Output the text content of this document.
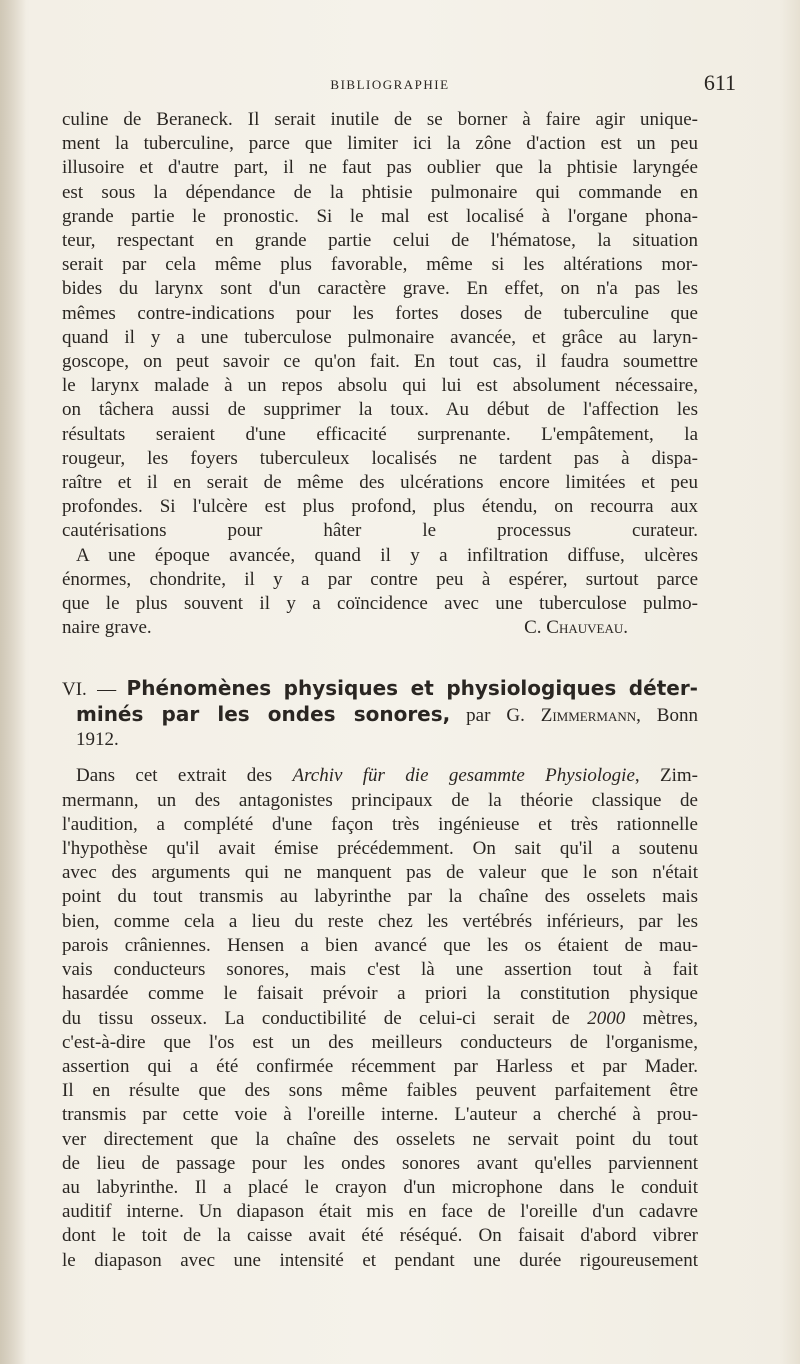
BIBLIOGRAPHIE	611
culine de Beraneck. Il serait inutile de se borner à faire agir unique-
ment la tuberculine, parce que limiter ici la zône d'action est un peu
illusoire et d'autre part, il ne faut pas oublier que la phtisie laryngée
est sous la dépendance de la phtisie pulmonaire qui commande en
grande partie le pronostic. Si le mal est localisé à l'organe phona-
teur, respectant en grande partie celui de l'hématose, la situation
serait par cela même plus favorable, même si les altérations mor-
bides du larynx sont d'un caractère grave. En effet, on n'a pas les
mêmes contre-indications pour les fortes doses de tuberculine que
quand il y a une tuberculose pulmonaire avancée, et grâce au laryn-
goscope, on peut savoir ce qu'on fait. En tout cas, il faudra soumettre
le larynx malade à un repos absolu qui lui est absolument nécessaire,
on tâchera aussi de supprimer la toux. Au début de l'affection les
résultats seraient d'une efficacité surprenante. L'empâtement, la
rougeur, les foyers tuberculeux localisés ne tardent pas à dispa-
raître et il en serait de même des ulcérations encore limitées et peu
profondes. Si l'ulcère est plus profond, plus étendu, on recourra aux
cautérisations pour hâter le processus curateur.
A une époque avancée, quand il y a infiltration diffuse, ulcères
énormes, chondrite, il y a par contre peu à espérer, surtout parce
que le plus souvent il y a coïncidence avec une tuberculose pulmo-
naire grave.	C. Chauveau.
VI. — Phénomènes physiques et physiologiques déter-
minés par les ondes sonores, par G. Zimmermann, Bonn
1912.
Dans cet extrait des Archiv für die gesammte Physiologie, Zim-
mermann, un des antagonistes principaux de la théorie classique de
l'audition, a complété d'une façon très ingénieuse et très rationnelle
l'hypothèse qu'il avait émise précédemment. On sait qu'il a soutenu
avec des arguments qui ne manquent pas de valeur que le son n'était
point du tout transmis au labyrinthe par la chaîne des osselets mais
bien, comme cela a lieu du reste chez les vertébrés inférieurs, par les
parois crâniennes. Hensen a bien avancé que les os étaient de mau-
vais conducteurs sonores, mais c'est là une assertion tout à fait
hasardée comme le faisait prévoir a priori la constitution physique
du tissu osseux. La conductibilité de celui-ci serait de 2000 mètres,
c'est-à-dire que l'os est un des meilleurs conducteurs de l'organisme,
assertion qui a été confirmée récemment par Harless et par Mader.
Il en résulte que des sons même faibles peuvent parfaitement être
transmis par cette voie à l'oreille interne. L'auteur a cherché à prou-
ver directement que la chaîne des osselets ne servait point du tout
de lieu de passage pour les ondes sonores avant qu'elles parviennent
au labyrinthe. Il a placé le crayon d'un microphone dans le conduit
auditif interne. Un diapason était mis en face de l'oreille d'un cadavre
dont le toit de la caisse avait été réséqué. On faisait d'abord vibrer
le diapason avec une intensité et pendant une durée rigoureusement
